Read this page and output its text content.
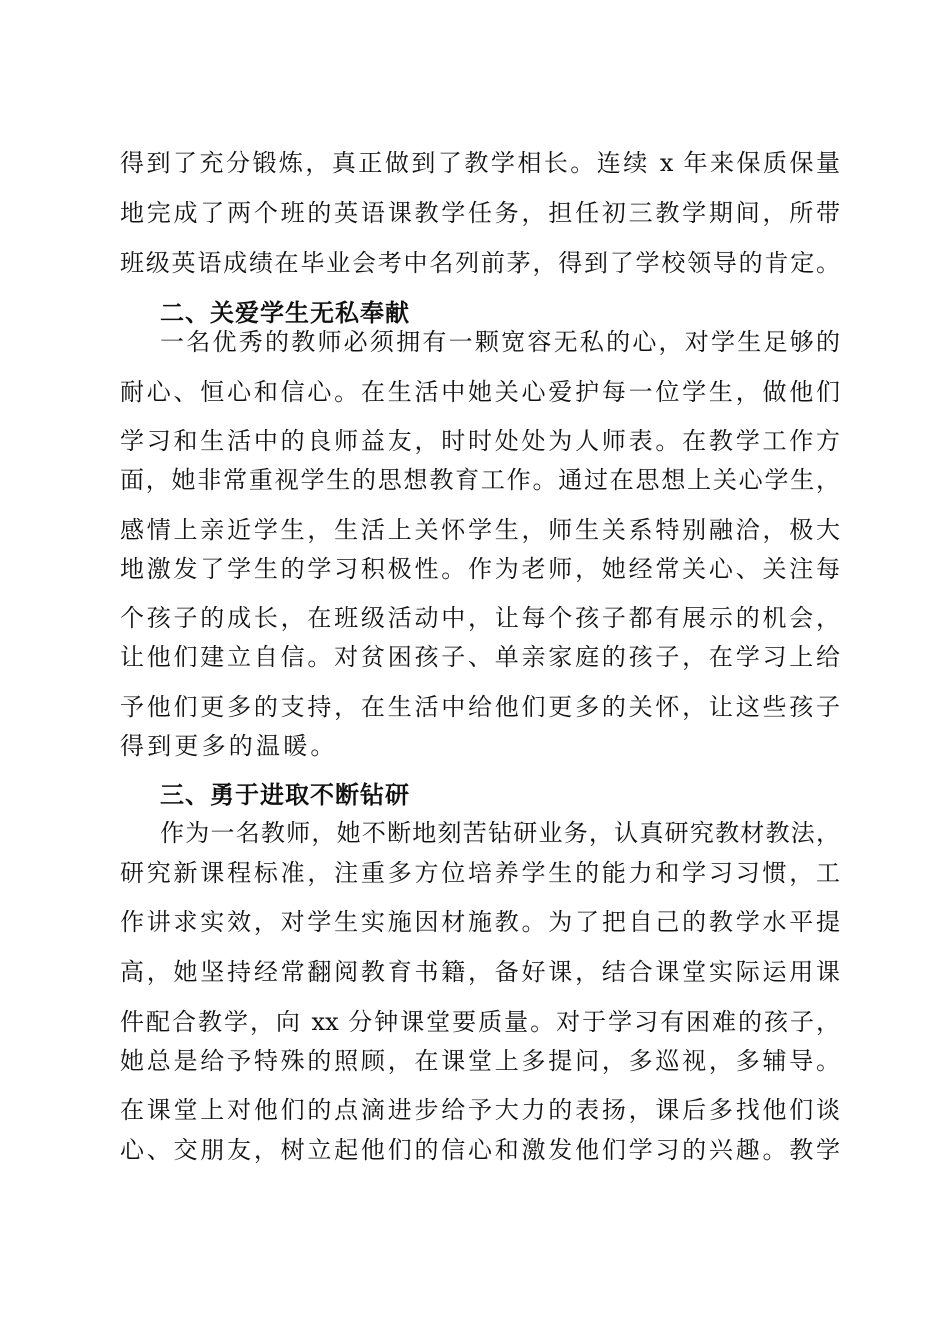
得到了充分锻炼，真正做到了教学相长。连续 x 年来保质保量
地完成了两个班的英语课教学任务，担任初三教学期间，所带
班级英语成绩在毕业会考中名列前茅，得到了学校领导的肯定。
二、关爱学生无私奉献
一名优秀的教师必须拥有一颗宽容无私的心，对学生足够的
耐心、恒心和信心。在生活中她关心爱护每一位学生，做他们
学习和生活中的良师益友，时时处处为人师表。在教学工作方
面，她非常重视学生的思想教育工作。通过在思想上关心学生，
感情上亲近学生，生活上关怀学生，师生关系特别融洽，极大
地激发了学生的学习积极性。作为老师，她经常关心、关注每
个孩子的成长，在班级活动中，让每个孩子都有展示的机会，
让他们建立自信。对贫困孩子、单亲家庭的孩子，在学习上给
予他们更多的支持，在生活中给他们更多的关怀，让这些孩子
得到更多的温暖。
三、勇于进取不断钻研
作为一名教师，她不断地刻苦钻研业务，认真研究教材教法，
研究新课程标准，注重多方位培养学生的能力和学习习惯，工
作讲求实效，对学生实施因材施教。为了把自己的教学水平提
高，她坚持经常翻阅教育书籍，备好课，结合课堂实际运用课
件配合教学，向 xx 分钟课堂要质量。对于学习有困难的孩子，
她总是给予特殊的照顾，在课堂上多提问，多巡视，多辅导。
在课堂上对他们的点滴进步给予大力的表扬，课后多找他们谈
心、交朋友，树立起他们的信心和激发他们学习的兴趣。教学
